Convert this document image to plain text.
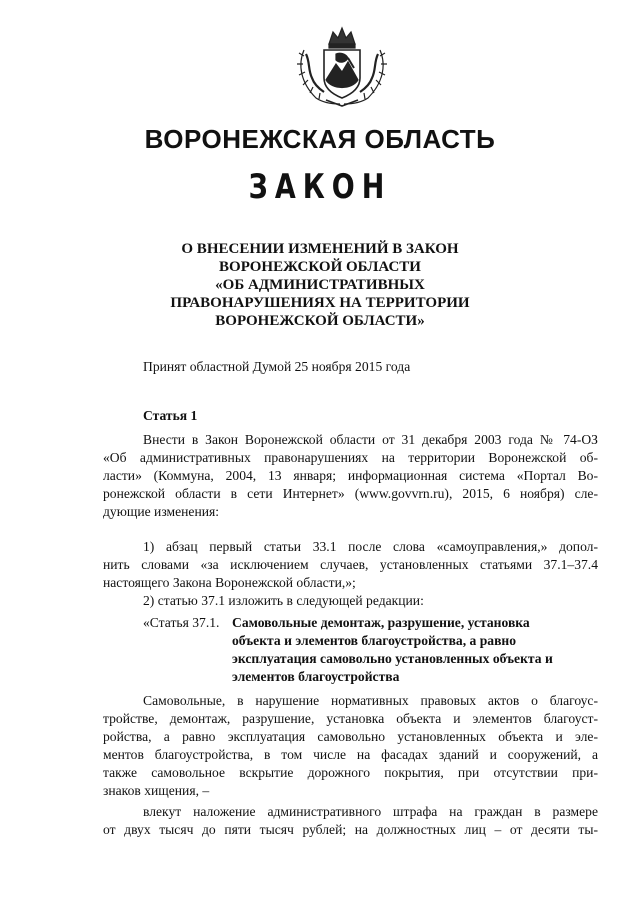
ВОРОНЕЖСКАЯ ОБЛАСТЬ
ЗАКОН
О ВНЕСЕНИИ ИЗМЕНЕНИЙ В ЗАКОН
ВОРОНЕЖСКОЙ ОБЛАСТИ
«ОБ АДМИНИСТРАТИВНЫХ
ПРАВОНАРУШЕНИЯХ НА ТЕРРИТОРИИ
ВОРОНЕЖСКОЙ ОБЛАСТИ»
Принят областной Думой 25 ноября 2015 года
Статья 1
Внести в Закон Воронежской области от 31 декабря 2003 года № 74-ОЗ
«Об административных правонарушениях на территории Воронежской об-
ласти» (Коммуна, 2004, 13 января; информационная система «Портал Во-
ронежской области в сети Интернет» (www.govvrn.ru), 2015, 6 ноября) сле-
дующие изменения:
1) абзац первый статьи 33.1 после слова «самоуправления,» допол-
нить словами «за исключением случаев, установленных статьями 37.1–37.4
настоящего Закона Воронежской области,»;
2) статью 37.1 изложить в следующей редакции:
«Статья 37.1. Самовольные демонтаж, разрушение, установка
объекта и элементов благоустройства, а равно
эксплуатация самовольно установленных объекта и
элементов благоустройства
Самовольные, в нарушение нормативных правовых актов о благоус-
тройстве, демонтаж, разрушение, установка объекта и элементов благоуст-
ройства, а равно эксплуатация самовольно установленных объекта и эле-
ментов благоустройства, в том числе на фасадах зданий и сооружений, а
также самовольное вскрытие дорожного покрытия, при отсутствии при-
знаков хищения, –
влекут наложение административного штрафа на граждан в размере
от двух тысяч до пяти тысяч рублей; на должностных лиц – от десяти ты-
